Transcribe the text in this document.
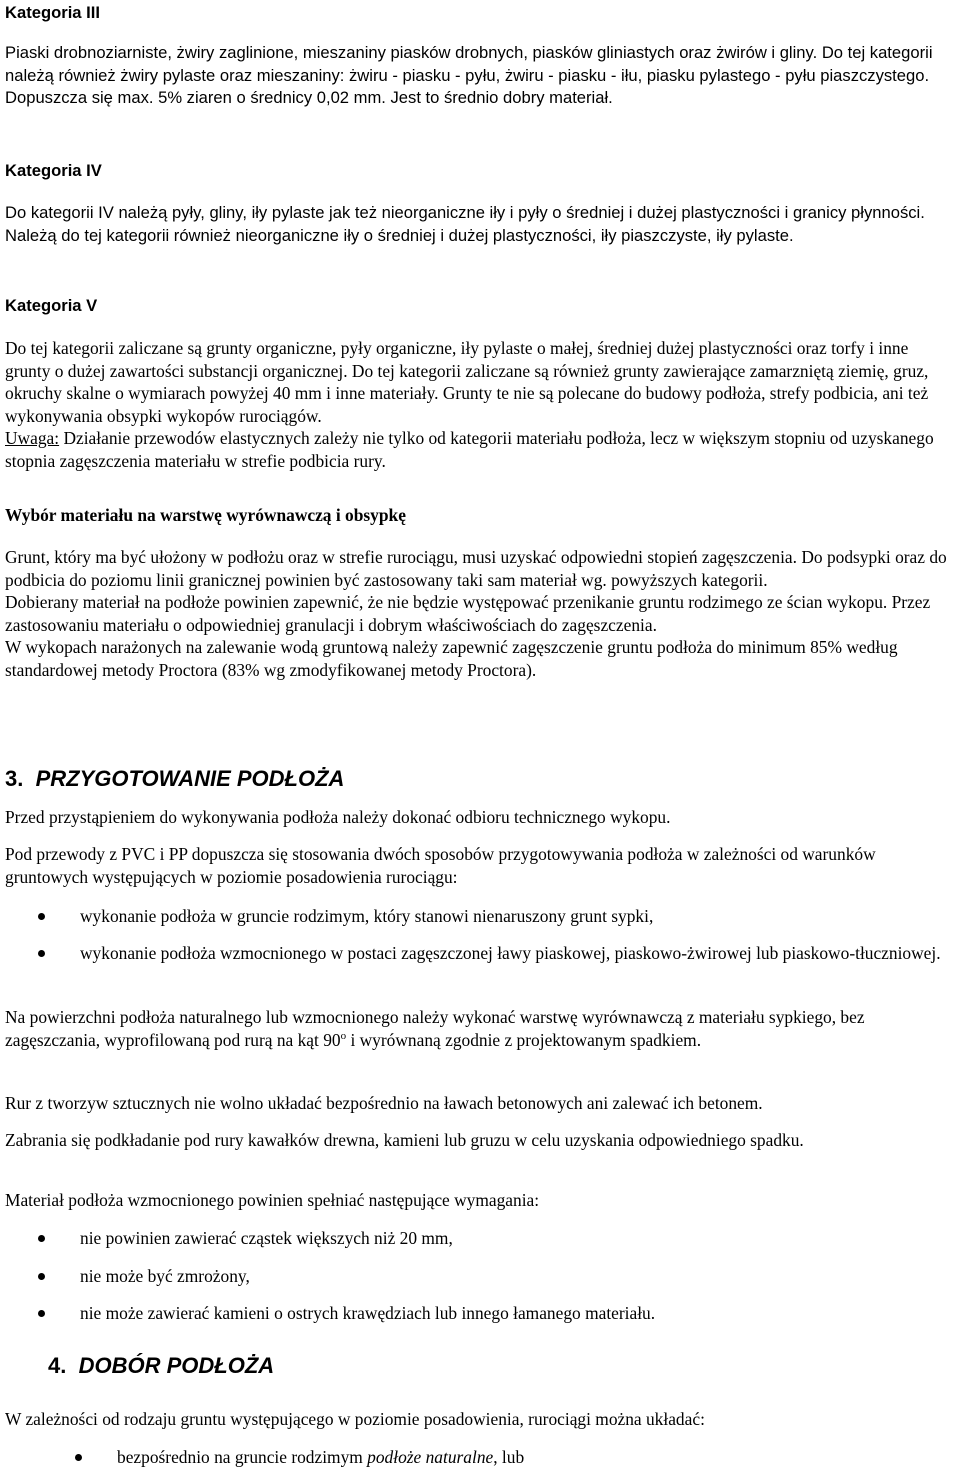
Kategoria III

Piaski drobnoziarniste, żwiry zaglinione, mieszaniny piasków drobnych, piasków gliniastych oraz żwirów i gliny. Do tej kategorii należą również żwiry pylaste oraz mieszaniny: żwiru - piasku - pyłu, żwiru - piasku - iłu, piasku pylastego - pyłu piaszczystego. Dopuszcza się max. 5% ziaren o średnicy 0,02 mm. Jest to średnio dobry materiał.

Kategoria IV

Do kategorii IV należą pyły, gliny, iły pylaste jak też nieorganiczne iły i pyły o średniej i dużej plastyczności i granicy płynności. Należą do tej kategorii również nieorganiczne iły o średniej i dużej plastyczności, iły piaszczyste, iły pylaste.

Kategoria V

Do tej kategorii zaliczane są grunty organiczne, pyły organiczne, iły pylaste o małej, średniej dużej plastyczności oraz torfy i inne grunty o dużej zawartości substancji organicznej. Do tej kategorii zaliczane są również grunty zawierające zamarzniętą ziemię, gruz, okruchy skalne o wymiarach powyżej 40 mm i inne materiały. Grunty te nie są polecane do budowy podłoża, strefy podbicia, ani też wykonywania obsypki wykopów rurociągów.

Uwaga: Działanie przewodów elastycznych zależy nie tylko od kategorii materiału podłoża, lecz w większym stopniu od uzyskanego stopnia zagęszczenia materiału w strefie podbicia rury.

Wybór materiału na warstwę wyrównawczą i obsypkę

Grunt, który ma być ułożony w podłożu oraz w strefie rurociągu, musi uzyskać odpowiedni stopień zagęszczenia. Do podsypki oraz do podbicia do poziomu linii granicznej powinien być zastosowany taki sam materiał wg. powyższych kategorii.

Dobierany materiał na podłoże powinien zapewnić, że nie będzie występować przenikanie gruntu rodzimego ze ścian wykopu. Przez zastosowaniu materiału o odpowiedniej granulacji i dobrym właściwościach do zagęszczenia.

W wykopach narażonych na zalewanie wodą gruntową należy zapewnić zagęszczenie gruntu podłoża do minimum 85% według standardowej metody Proctora (83% wg zmodyfikowanej metody Proctora).

3. PRZYGOTOWANIE PODŁOŻA

Przed przystąpieniem do wykonywania podłoża należy dokonać odbioru technicznego wykopu.

Pod przewody z PVC i PP dopuszcza się stosowania dwóch sposobów przygotowywania podłoża w zależności od warunków gruntowych występujących w poziomie posadowienia rurociągu:

wykonanie podłoża w gruncie rodzimym, który stanowi nienaruszony grunt sypki,
wykonanie podłoża wzmocnionego w postaci zagęszczonej ławy piaskowej, piaskowo-żwirowej lub piaskowo-tłuczniowej.

Na powierzchni podłoża naturalnego lub wzmocnionego należy wykonać warstwę wyrównawczą z materiału sypkiego, bez zagęszczania, wyprofilowaną pod rurą na kąt 90$^o$ i wyrównaną zgodnie z projektowanym spadkiem.

Rur z tworzyw sztucznych nie wolno układać bezpośrednio na ławach betonowych ani zalewać ich betonem.

Zabrania się podkładanie pod rury kawałków drewna, kamieni lub gruzu w celu uzyskania odpowiedniego spadku.

Materiał podłoża wzmocnionego powinien spełniać następujące wymagania:

nie powinien zawierać cząstek większych niż 20 mm,
nie może być zmrożony,
nie może zawierać kamieni o ostrych krawędziach lub innego łamanego materiału.

4. DOBÓR PODŁOŻA

W zależności od rodzaju gruntu występującego w poziomie posadowienia, rurociągi można układać:

bezpośrednio na gruncie rodzimym podłoże naturalne, lub
